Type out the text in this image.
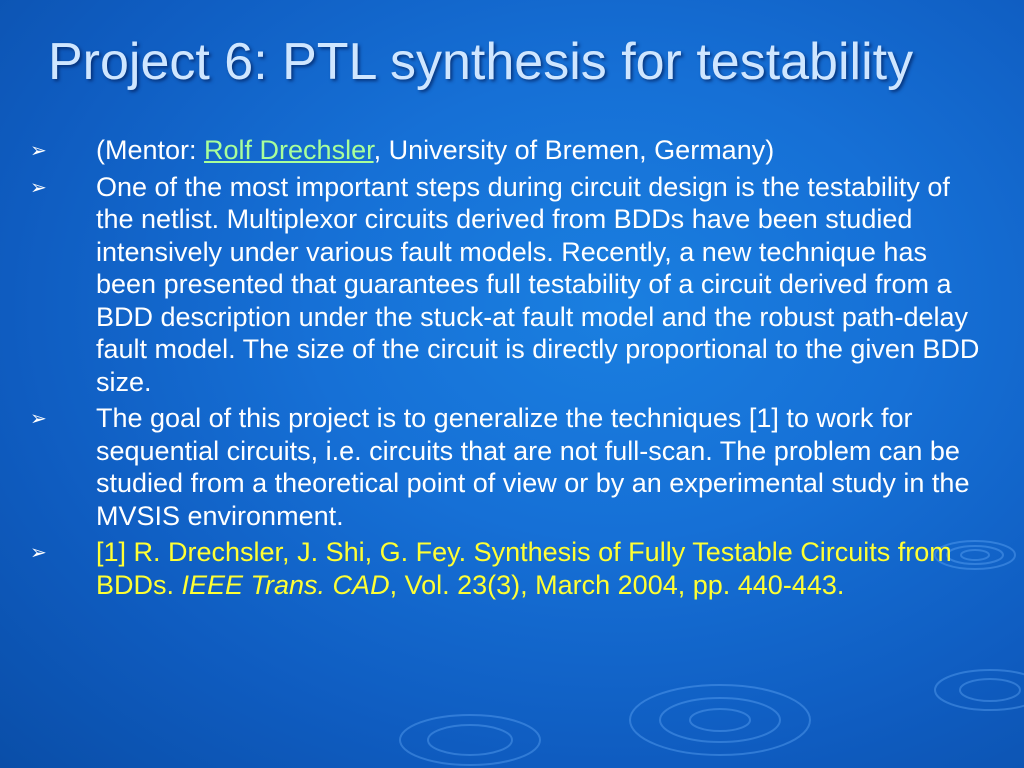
Project 6: PTL synthesis for testability
➢ (Mentor: Rolf Drechsler, University of Bremen, Germany)
➢ One of the most important steps during circuit design is the testability of the netlist. Multiplexor circuits derived from BDDs have been studied intensively under various fault models. Recently, a new technique has been presented that guarantees full testability of a circuit derived from a BDD description under the stuck-at fault model and the robust path-delay fault model. The size of the circuit is directly proportional to the given BDD size.
➢ The goal of this project is to generalize the techniques [1] to work for sequential circuits, i.e. circuits that are not full-scan. The problem can be studied from a theoretical point of view or by an experimental study in the MVSIS environment.
➢ [1] R. Drechsler, J. Shi, G. Fey. Synthesis of Fully Testable Circuits from BDDs. IEEE Trans. CAD, Vol. 23(3), March 2004, pp. 440-443.
